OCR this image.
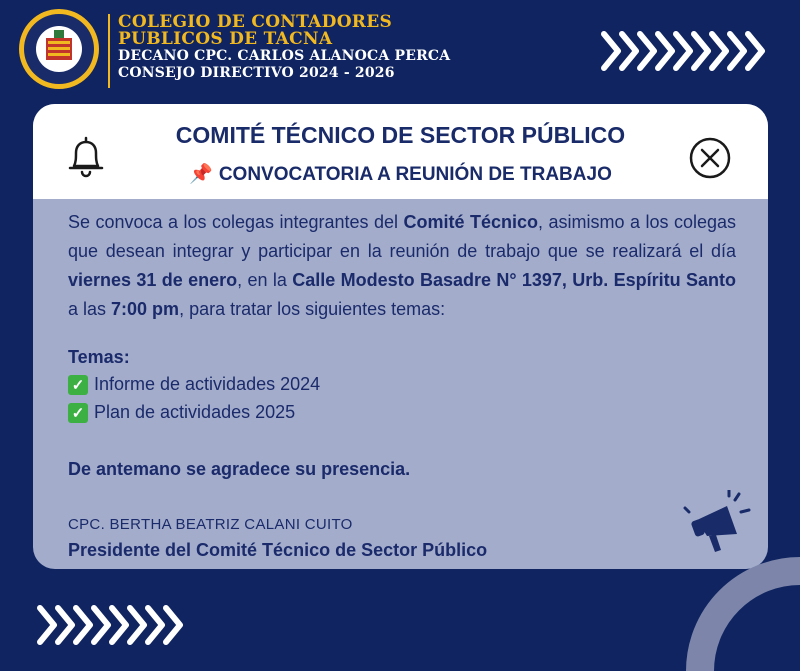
COLEGIO DE CONTADORES
PUBLICOS DE TACNA
DECANO CPC. CARLOS ALANOCA PERCA
CONSEJO DIRECTIVO 2024 - 2026
COMITÉ TÉCNICO DE SECTOR PÚBLICO
📌 CONVOCATORIA A REUNIÓN DE TRABAJO
Se convoca a los colegas integrantes del Comité Técnico, asimismo a los colegas que desean integrar y participar en la reunión de trabajo que se realizará el día viernes 31 de enero, en la Calle Modesto Basadre N° 1397, Urb. Espíritu Santo a las 7:00 pm, para tratar los siguientes temas:
Temas:
✓ Informe de actividades 2024
✓ Plan de actividades 2025
De antemano se agradece su presencia.
CPC. BERTHA BEATRIZ CALANI CUITO
Presidente del Comité Técnico de Sector Público
